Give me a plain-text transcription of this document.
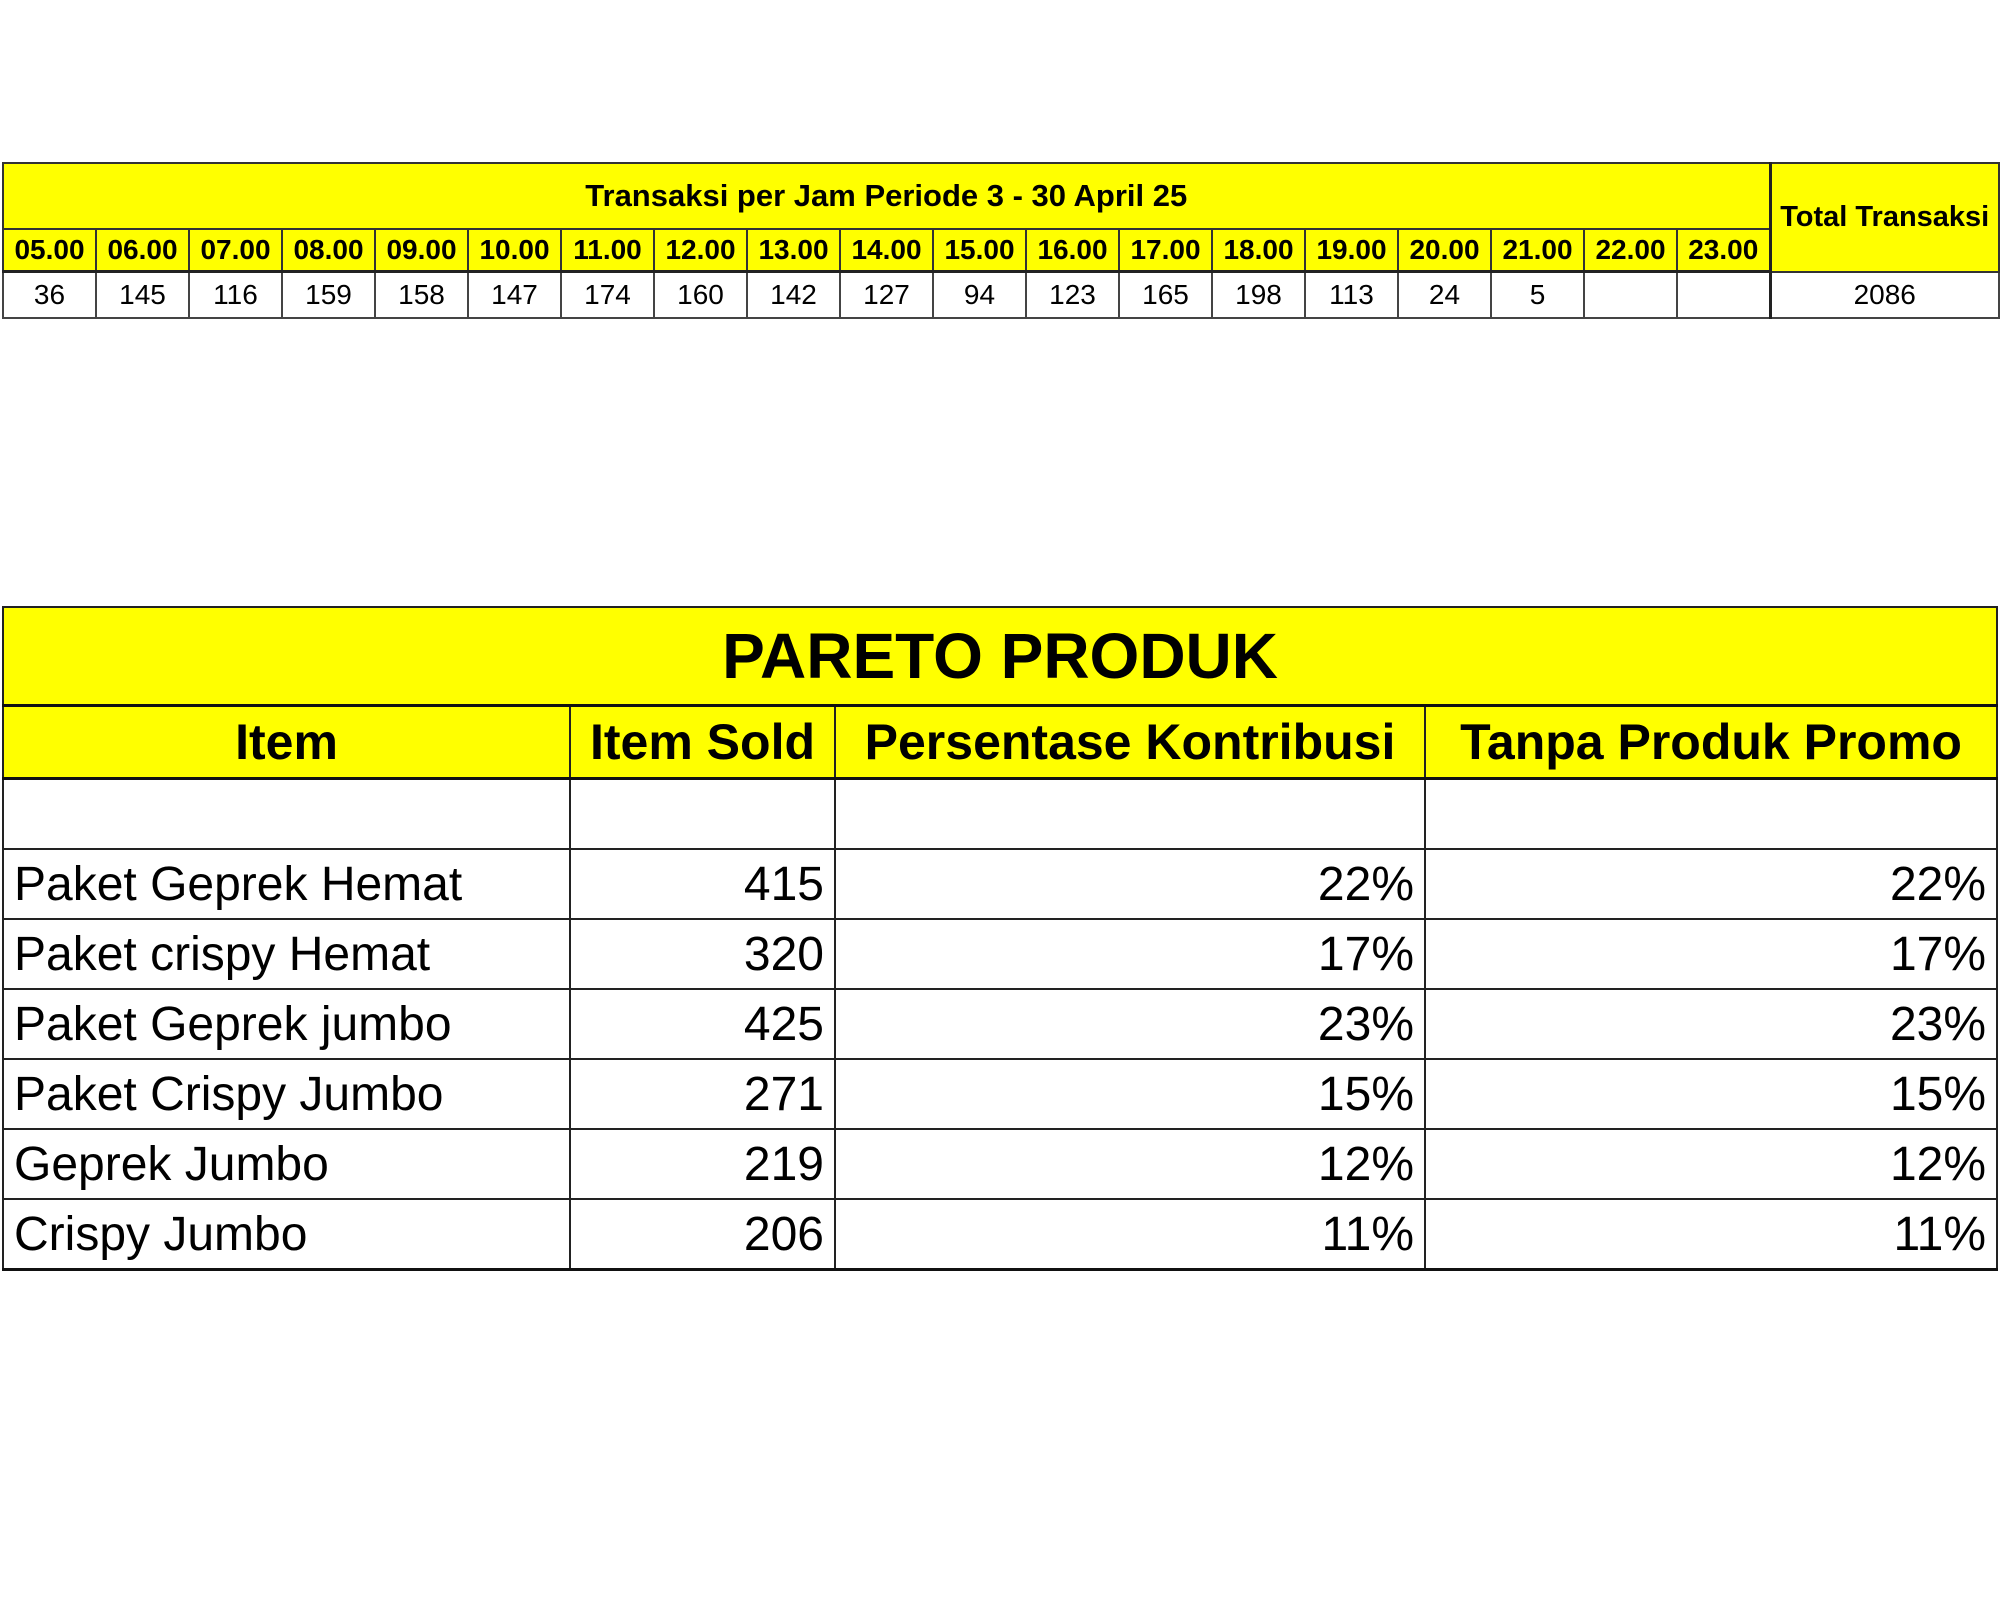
Transaksi per Jam Periode 3 - 30 April 25																			Total Transaksi
05.00	06.00	07.00	08.00	09.00	10.00	11.00	12.00	13.00	14.00	15.00	16.00	17.00	18.00	19.00	20.00	21.00	22.00	23.00	
36	145	116	159	158	147	174	160	142	127	94	123	165	198	113	24	5			2086
PARETO PRODUK			
Item	Item Sold	Persentase Kontribusi	Tanpa Produk Promo

Paket Geprek Hemat	415	22%	22%
Paket crispy Hemat	320	17%	17%
Paket Geprek jumbo	425	23%	23%
Paket Crispy Jumbo	271	15%	15%
Geprek Jumbo	219	12%	12%
Crispy Jumbo	206	11%	11%
